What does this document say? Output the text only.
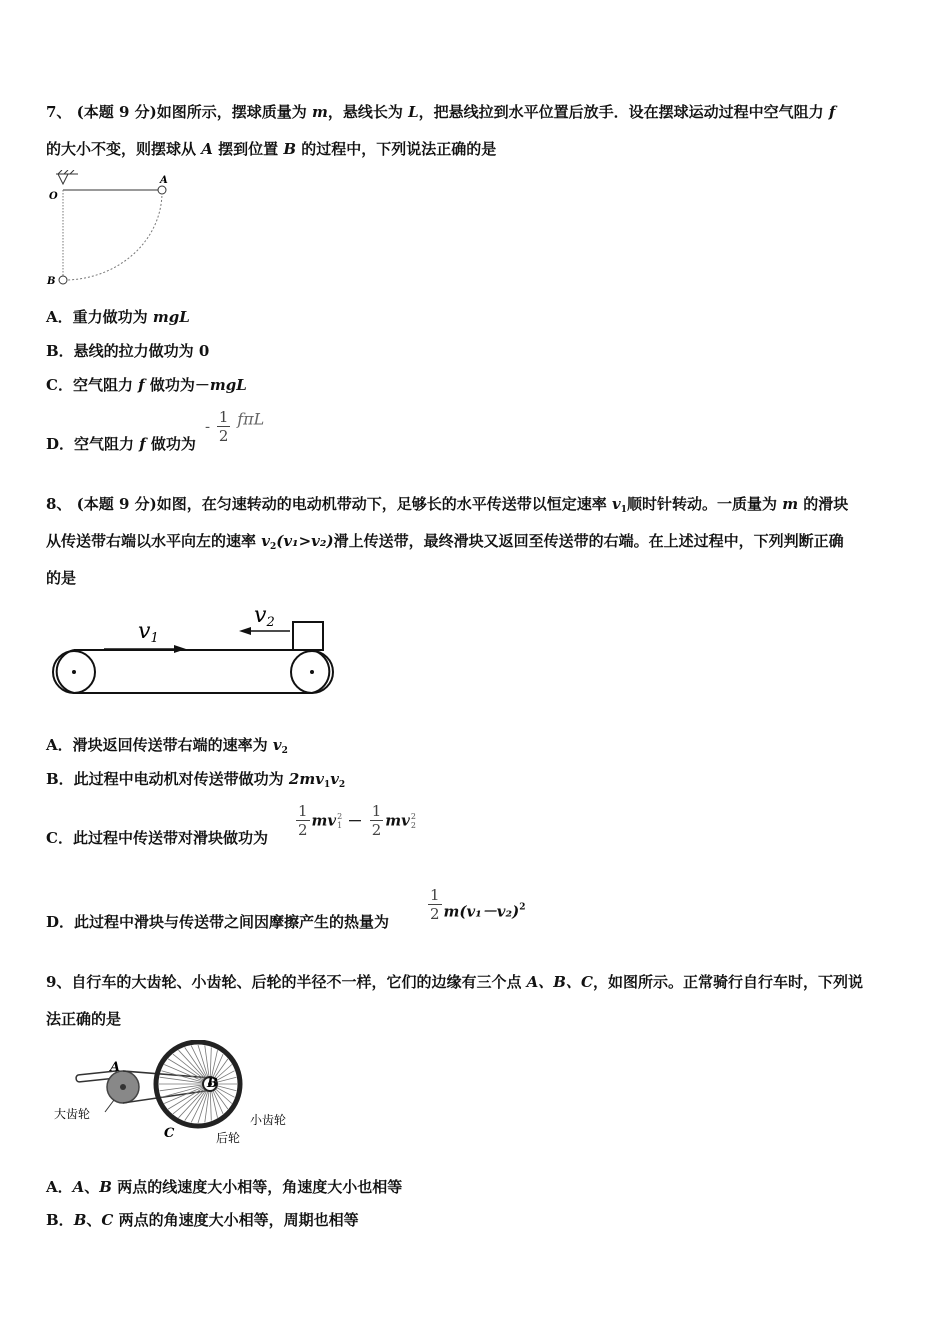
7、 (本题 9 分)如图所示，摆球质量为 m，悬线长为 L，把悬线拉到水平位置后放手．设在摆球运动过程中空气阻力 f
的大小不变，则摆球从 A 摆到位置 B 的过程中，下列说法正确的是
O
A
B
A．重力做功为 mgL
B．悬线的拉力做功为 0
C．空气阻力 f 做功为－mgL
D．空气阻力 f 做功为
- $\frac{1}{2}$ fπL
8、 (本题 9 分)如图，在匀速转动的电动机带动下，足够长的水平传送带以恒定速率 $v_1$顺时针转动。一质量为 m 的滑块
从传送带右端以水平向左的速率 $v_2(v_1>v_2)$滑上传送带，最终滑块又返回至传送带的右端。在上述过程中，下列判断正确
的是
v1
v2
A．滑块返回传送带右端的速率为 $v_2$
B．此过程中电动机对传送带做功为 $2mv_1v_2$
C．此过程中传送带对滑块做功为 $\frac{1}{2}$ mv 2
$1 - \frac{1}{2}$ mv 2
2
D．此过程中滑块与传送带之间因摩擦产生的热量为	$\frac{1}{2} m(v_1-v_2)2$
9、自行车的大齿轮、小齿轮、后轮的半径不一样，它们的边缘有三个点 A、B、C，如图所示。正常骑行自行车时，下列说
法正确的是
A
B
C
大齿轮	小齿轮
后轮
A．A、B 两点的线速度大小相等，角速度大小也相等
B．B、C 两点的角速度大小相等，周期也相等
